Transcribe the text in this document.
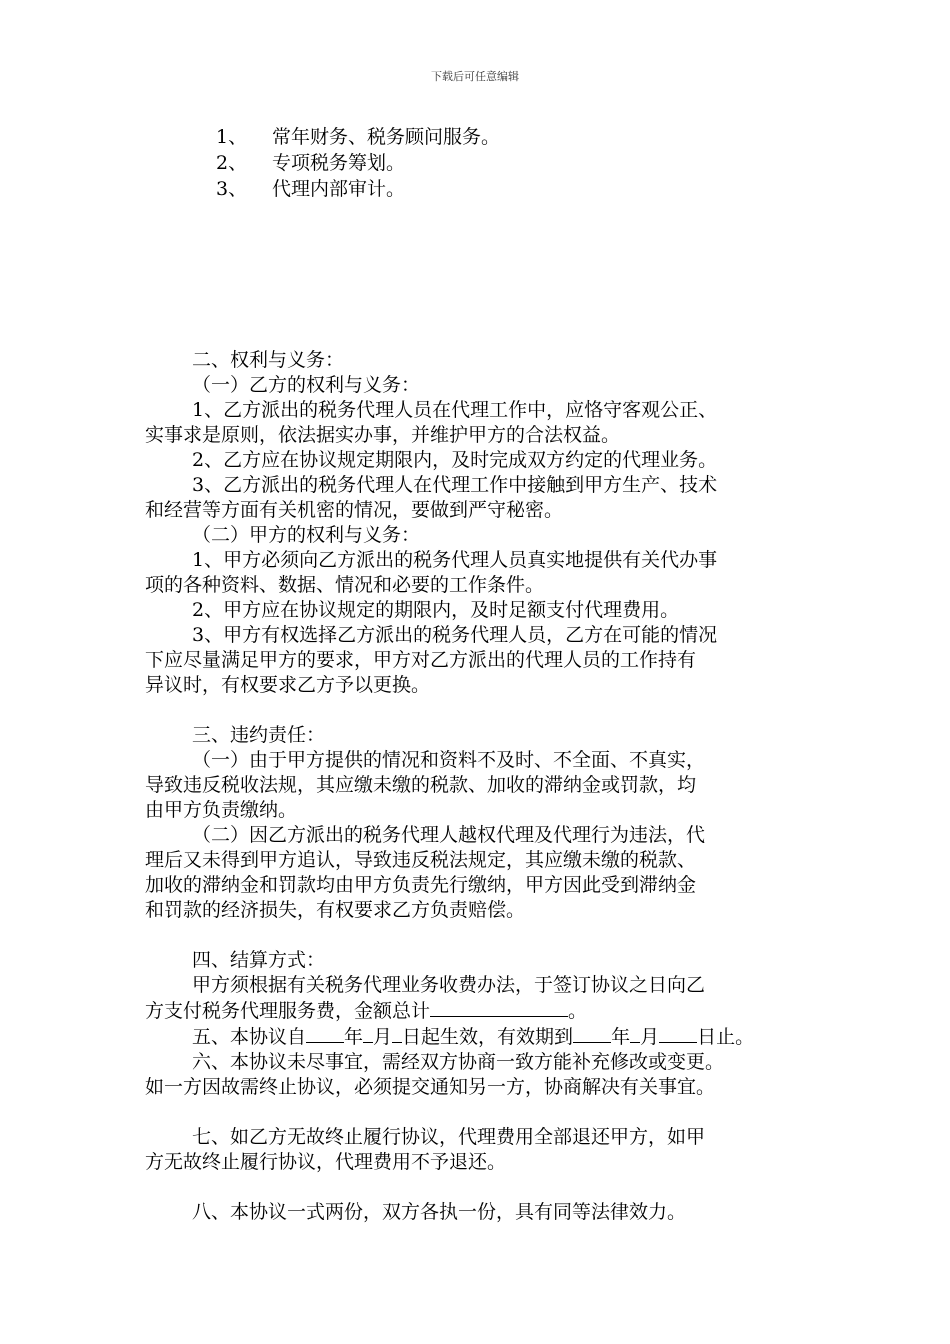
下载后可任意编辑
1、	常年财务、税务顾问服务。
2、	专项税务筹划。
3、	代理内部审计。

二、权利与义务：

（一）乙方的权利与义务：

1、乙方派出的税务代理人员在代理工作中，应恪守客观公正、

实事求是原则，依法据实办事，并维护甲方的合法权益。

2、乙方应在协议规定期限内，及时完成双方约定的代理业务。

3、乙方派出的税务代理人在代理工作中接触到甲方生产、技术

和经营等方面有关机密的情况，要做到严守秘密。

（二）甲方的权利与义务：

1、甲方必须向乙方派出的税务代理人员真实地提供有关代办事

项的各种资料、数据、情况和必要的工作条件。

2、甲方应在协议规定的期限内，及时足额支付代理费用。

3、甲方有权选择乙方派出的税务代理人员，乙方在可能的情况

下应尽量满足甲方的要求，甲方对乙方派出的代理人员的工作持有

异议时，有权要求乙方予以更换。

三、违约责任：

（一）由于甲方提供的情况和资料不及时、不全面、不真实，

导致违反税收法规，其应缴未缴的税款、加收的滞纳金或罚款，均

由甲方负责缴纳。

（二）因乙方派出的税务代理人越权代理及代理行为违法，代

理后又未得到甲方追认，导致违反税法规定，其应缴未缴的税款、

加收的滞纳金和罚款均由甲方负责先行缴纳，甲方因此受到滞纳金

和罚款的经济损失，有权要求乙方负责赔偿。

四、结算方式：

甲方须根据有关税务代理业务收费办法，于签订协议之日向乙

方支付税务代理服务费，金额总计	。

五、本协议自 年 月 日起生效，有效期到 年 月 日止。

六、本协议未尽事宜，需经双方协商一致方能补充修改或变更。

如一方因故需终止协议，必须提交通知另一方，协商解决有关事宜。

七、如乙方无故终止履行协议，代理费用全部退还甲方，如甲

方无故终止履行协议，代理费用不予退还。

八、本协议一式两份，双方各执一份，具有同等法律效力。
